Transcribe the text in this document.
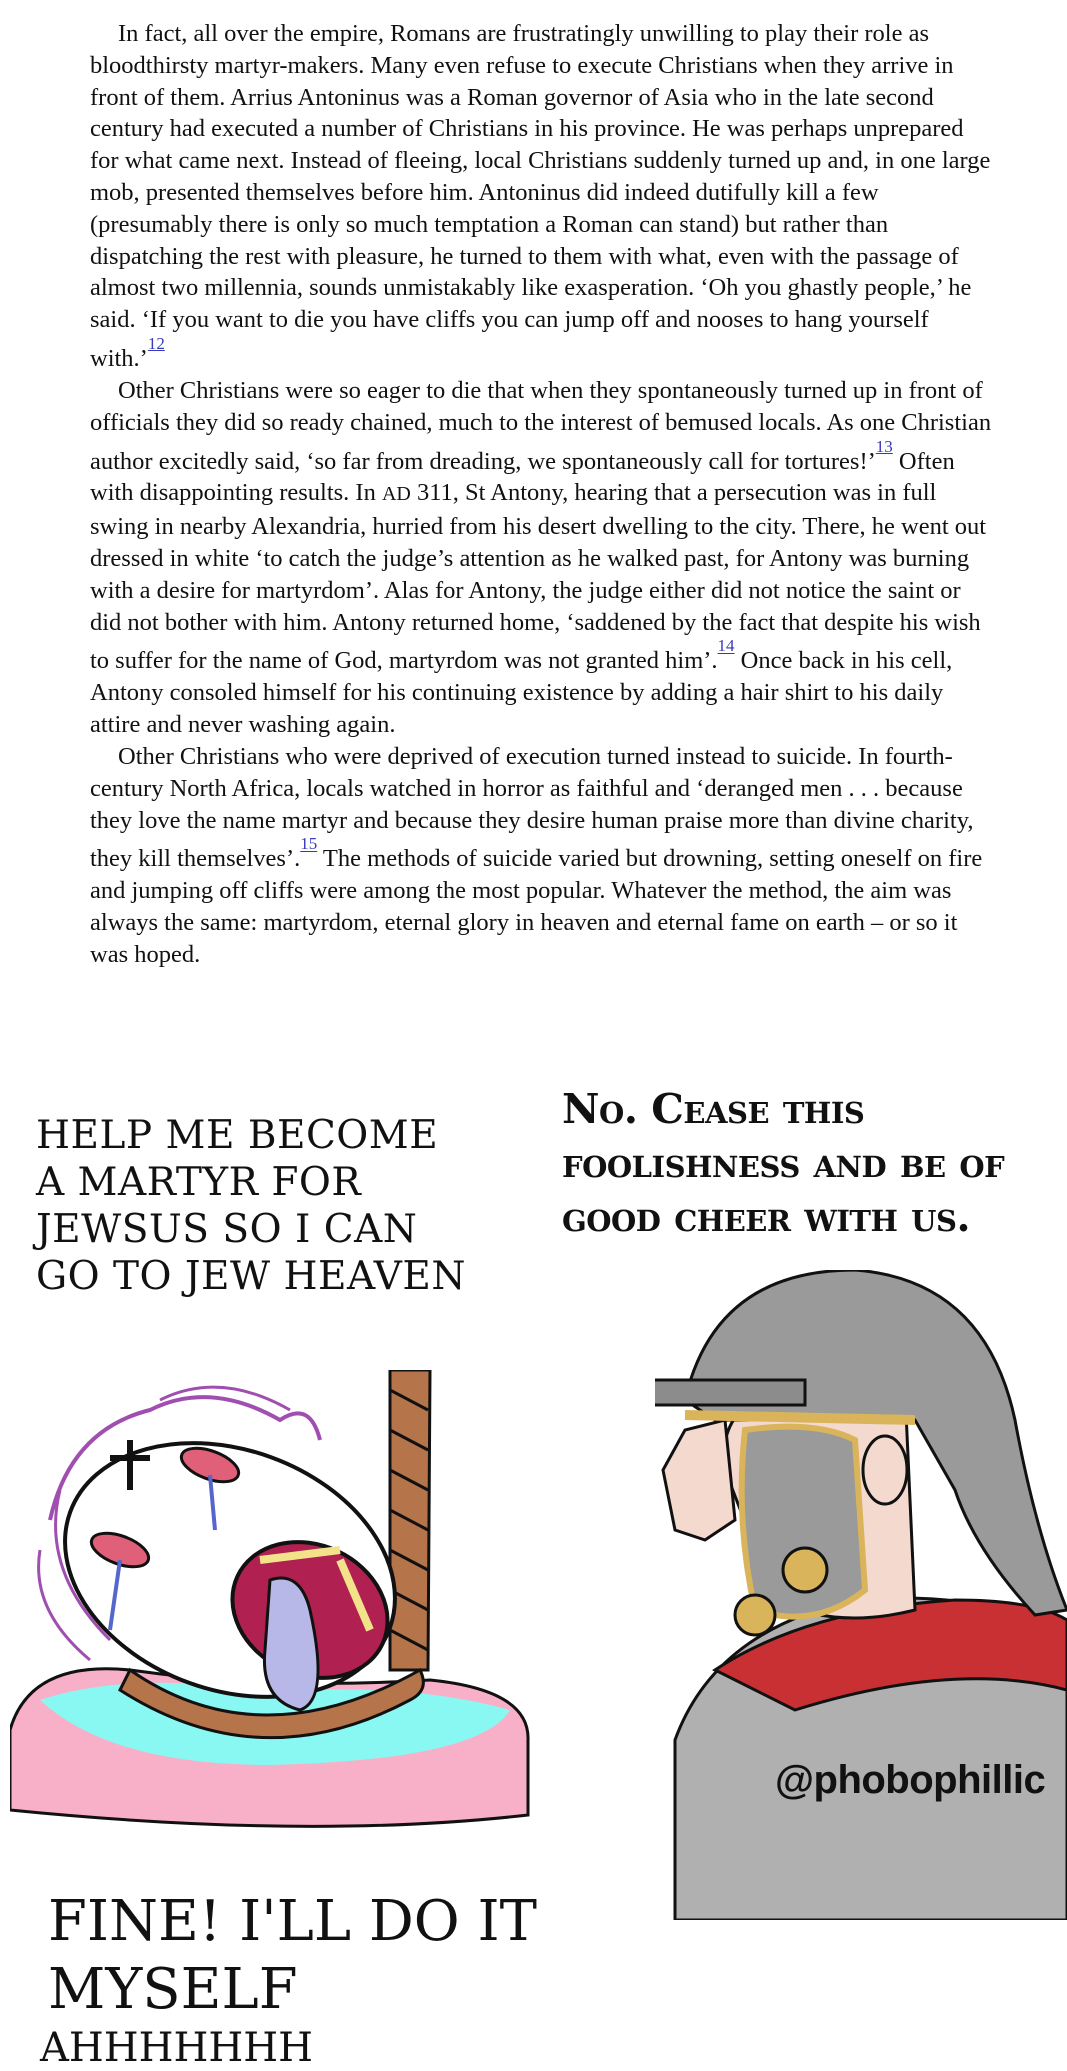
In fact, all over the empire, Romans are frustratingly unwilling to play their role as bloodthirsty martyr-makers. Many even refuse to execute Christians when they arrive in front of them. Arrius Antoninus was a Roman governor of Asia who in the late second century had executed a number of Christians in his province. He was perhaps unprepared for what came next. Instead of fleeing, local Christians suddenly turned up and, in one large mob, presented themselves before him. Antoninus did indeed dutifully kill a few (presumably there is only so much temptation a Roman can stand) but rather than dispatching the rest with pleasure, he turned to them with what, even with the passage of almost two millennia, sounds unmistakably like exasperation. ‘Oh you ghastly people,’ he said. ‘If you want to die you have cliffs you can jump off and nooses to hang yourself with.’$^{^{12}}$

Other Christians were so eager to die that when they spontaneously turned up in front of officials they did so ready chained, much to the interest of bemused locals. As one Christian author excitedly said, ‘so far from dreading, we spontaneously call for tortures!’$^{^{13}}$ Often with disappointing results. In AD 311, St Antony, hearing that a persecution was in full swing in nearby Alexandria, hurried from his desert dwelling to the city. There, he went out dressed in white ‘to catch the judge’s attention as he walked past, for Antony was burning with a desire for martyrdom’. Alas for Antony, the judge either did not notice the saint or did not bother with him. Antony returned home, ‘saddened by the fact that despite his wish to suffer for the name of God, martyrdom was not granted him’.$^{^{14}}$ Once back in his cell, Antony consoled himself for his continuing existence by adding a hair shirt to his daily attire and never washing again.

Other Christians who were deprived of execution turned instead to suicide. In fourth-century North Africa, locals watched in horror as faithful and ‘deranged men . . . because they love the name martyr and because they desire human praise more than divine charity, they kill themselves’.$^{^{15}}$ The methods of suicide varied but drowning, setting oneself on fire and jumping off cliffs were among the most popular. Whatever the method, the aim was always the same: martyrdom, eternal glory in heaven and eternal fame on earth – or so it was hoped.

HELP ME BECOME A MARTYR FOR JEWSUS SO I CAN GO TO JEW HEAVEN
No. Cease this foolishness and be of good cheer with us.
@phobophillic
FINE! I'LL DO IT MYSELF
AHHHHHHH
